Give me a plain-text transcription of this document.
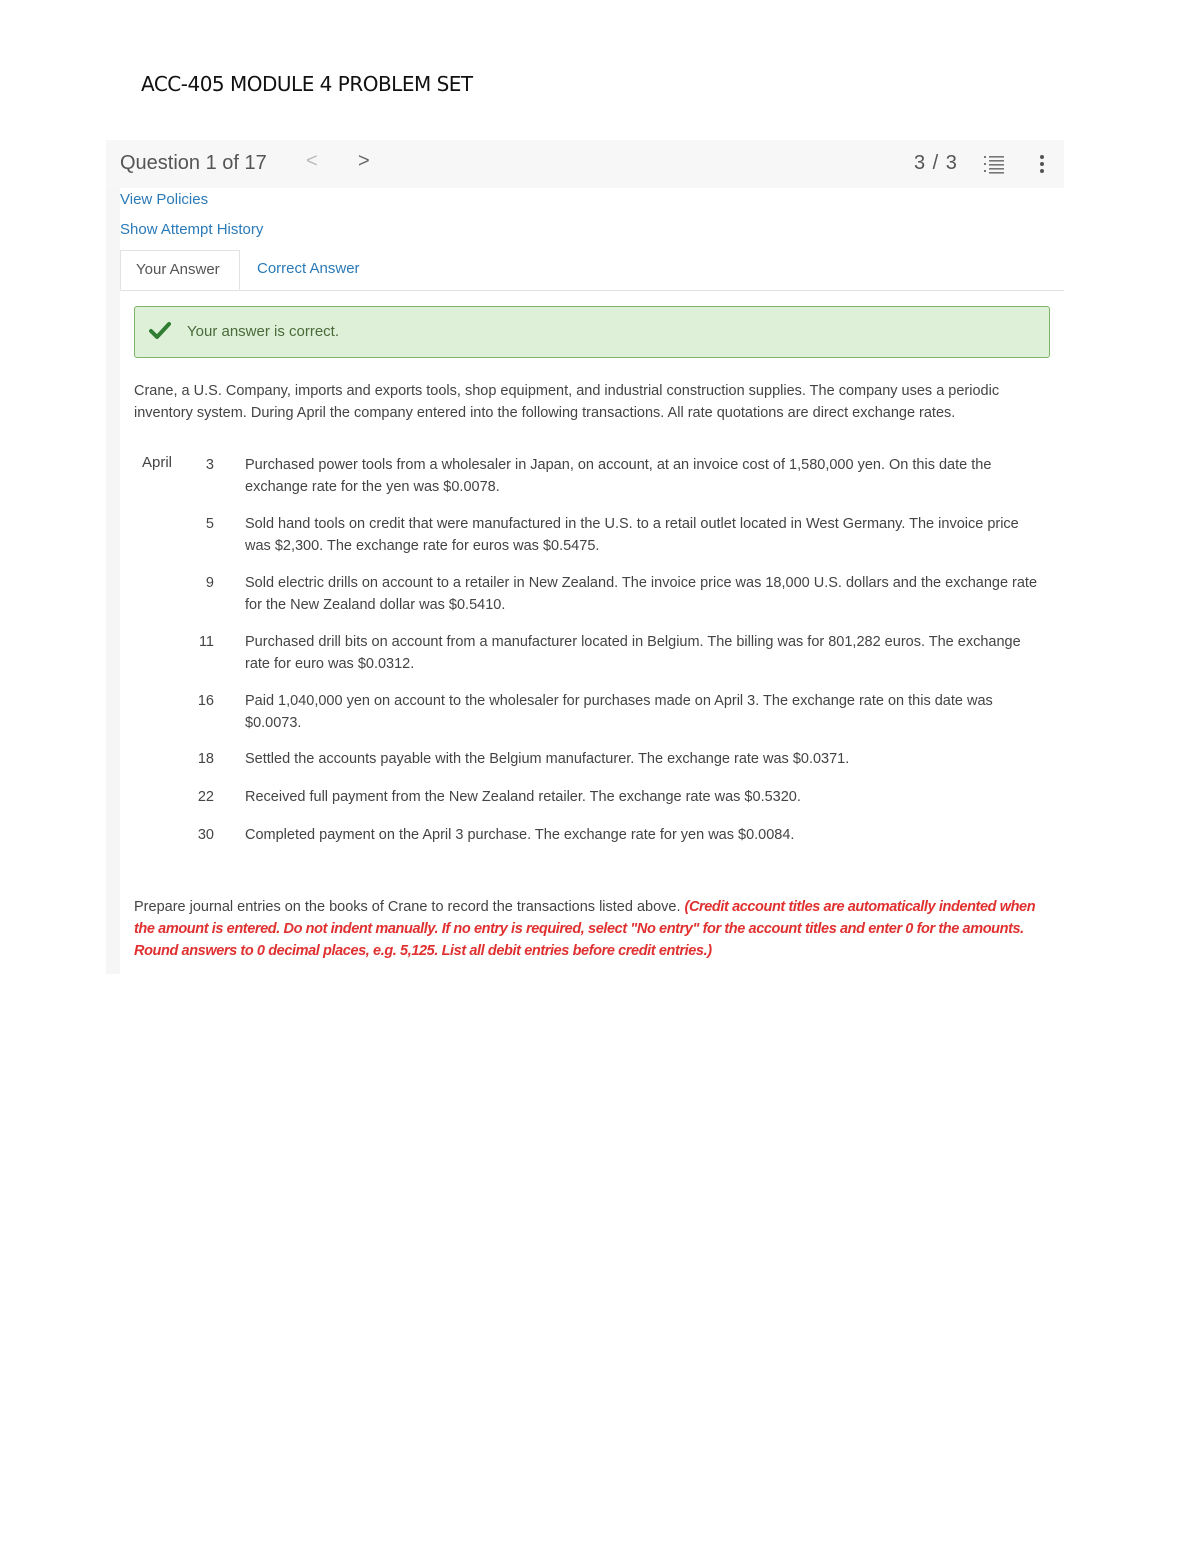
ACC-405 MODULE 4 PROBLEM SET
Question 1 of 17 < >	3 / 3
View Policies
Show Attempt History
Your Answer	Correct Answer
Your answer is correct.
Crane, a U.S. Company, imports and exports tools, shop equipment, and industrial construction supplies. The company uses a periodic inventory system. During April the company entered into the following transactions. All rate quotations are direct exchange rates.
April	3 Purchased power tools from a wholesaler in Japan, on account, at an invoice cost of 1,580,000 yen. On this date the exchange rate for the yen was $0.0078.
5 Sold hand tools on credit that were manufactured in the U.S. to a retail outlet located in West Germany. The invoice price was $2,300. The exchange rate for euros was $0.5475.
9 Sold electric drills on account to a retailer in New Zealand. The invoice price was 18,000 U.S. dollars and the exchange rate for the New Zealand dollar was $0.5410.
11 Purchased drill bits on account from a manufacturer located in Belgium. The billing was for 801,282 euros. The exchange rate for euro was $0.0312.
16 Paid 1,040,000 yen on account to the wholesaler for purchases made on April 3. The exchange rate on this date was $0.0073.
18 Settled the accounts payable with the Belgium manufacturer. The exchange rate was $0.0371.
22 Received full payment from the New Zealand retailer. The exchange rate was $0.5320.
30 Completed payment on the April 3 purchase. The exchange rate for yen was $0.0084.
Prepare journal entries on the books of Crane to record the transactions listed above. (Credit account titles are automatically indented when the amount is entered. Do not indent manually. If no entry is required, select "No entry" for the account titles and enter 0 for the amounts. Round answers to 0 decimal places, e.g. 5,125. List all debit entries before credit entries.)
